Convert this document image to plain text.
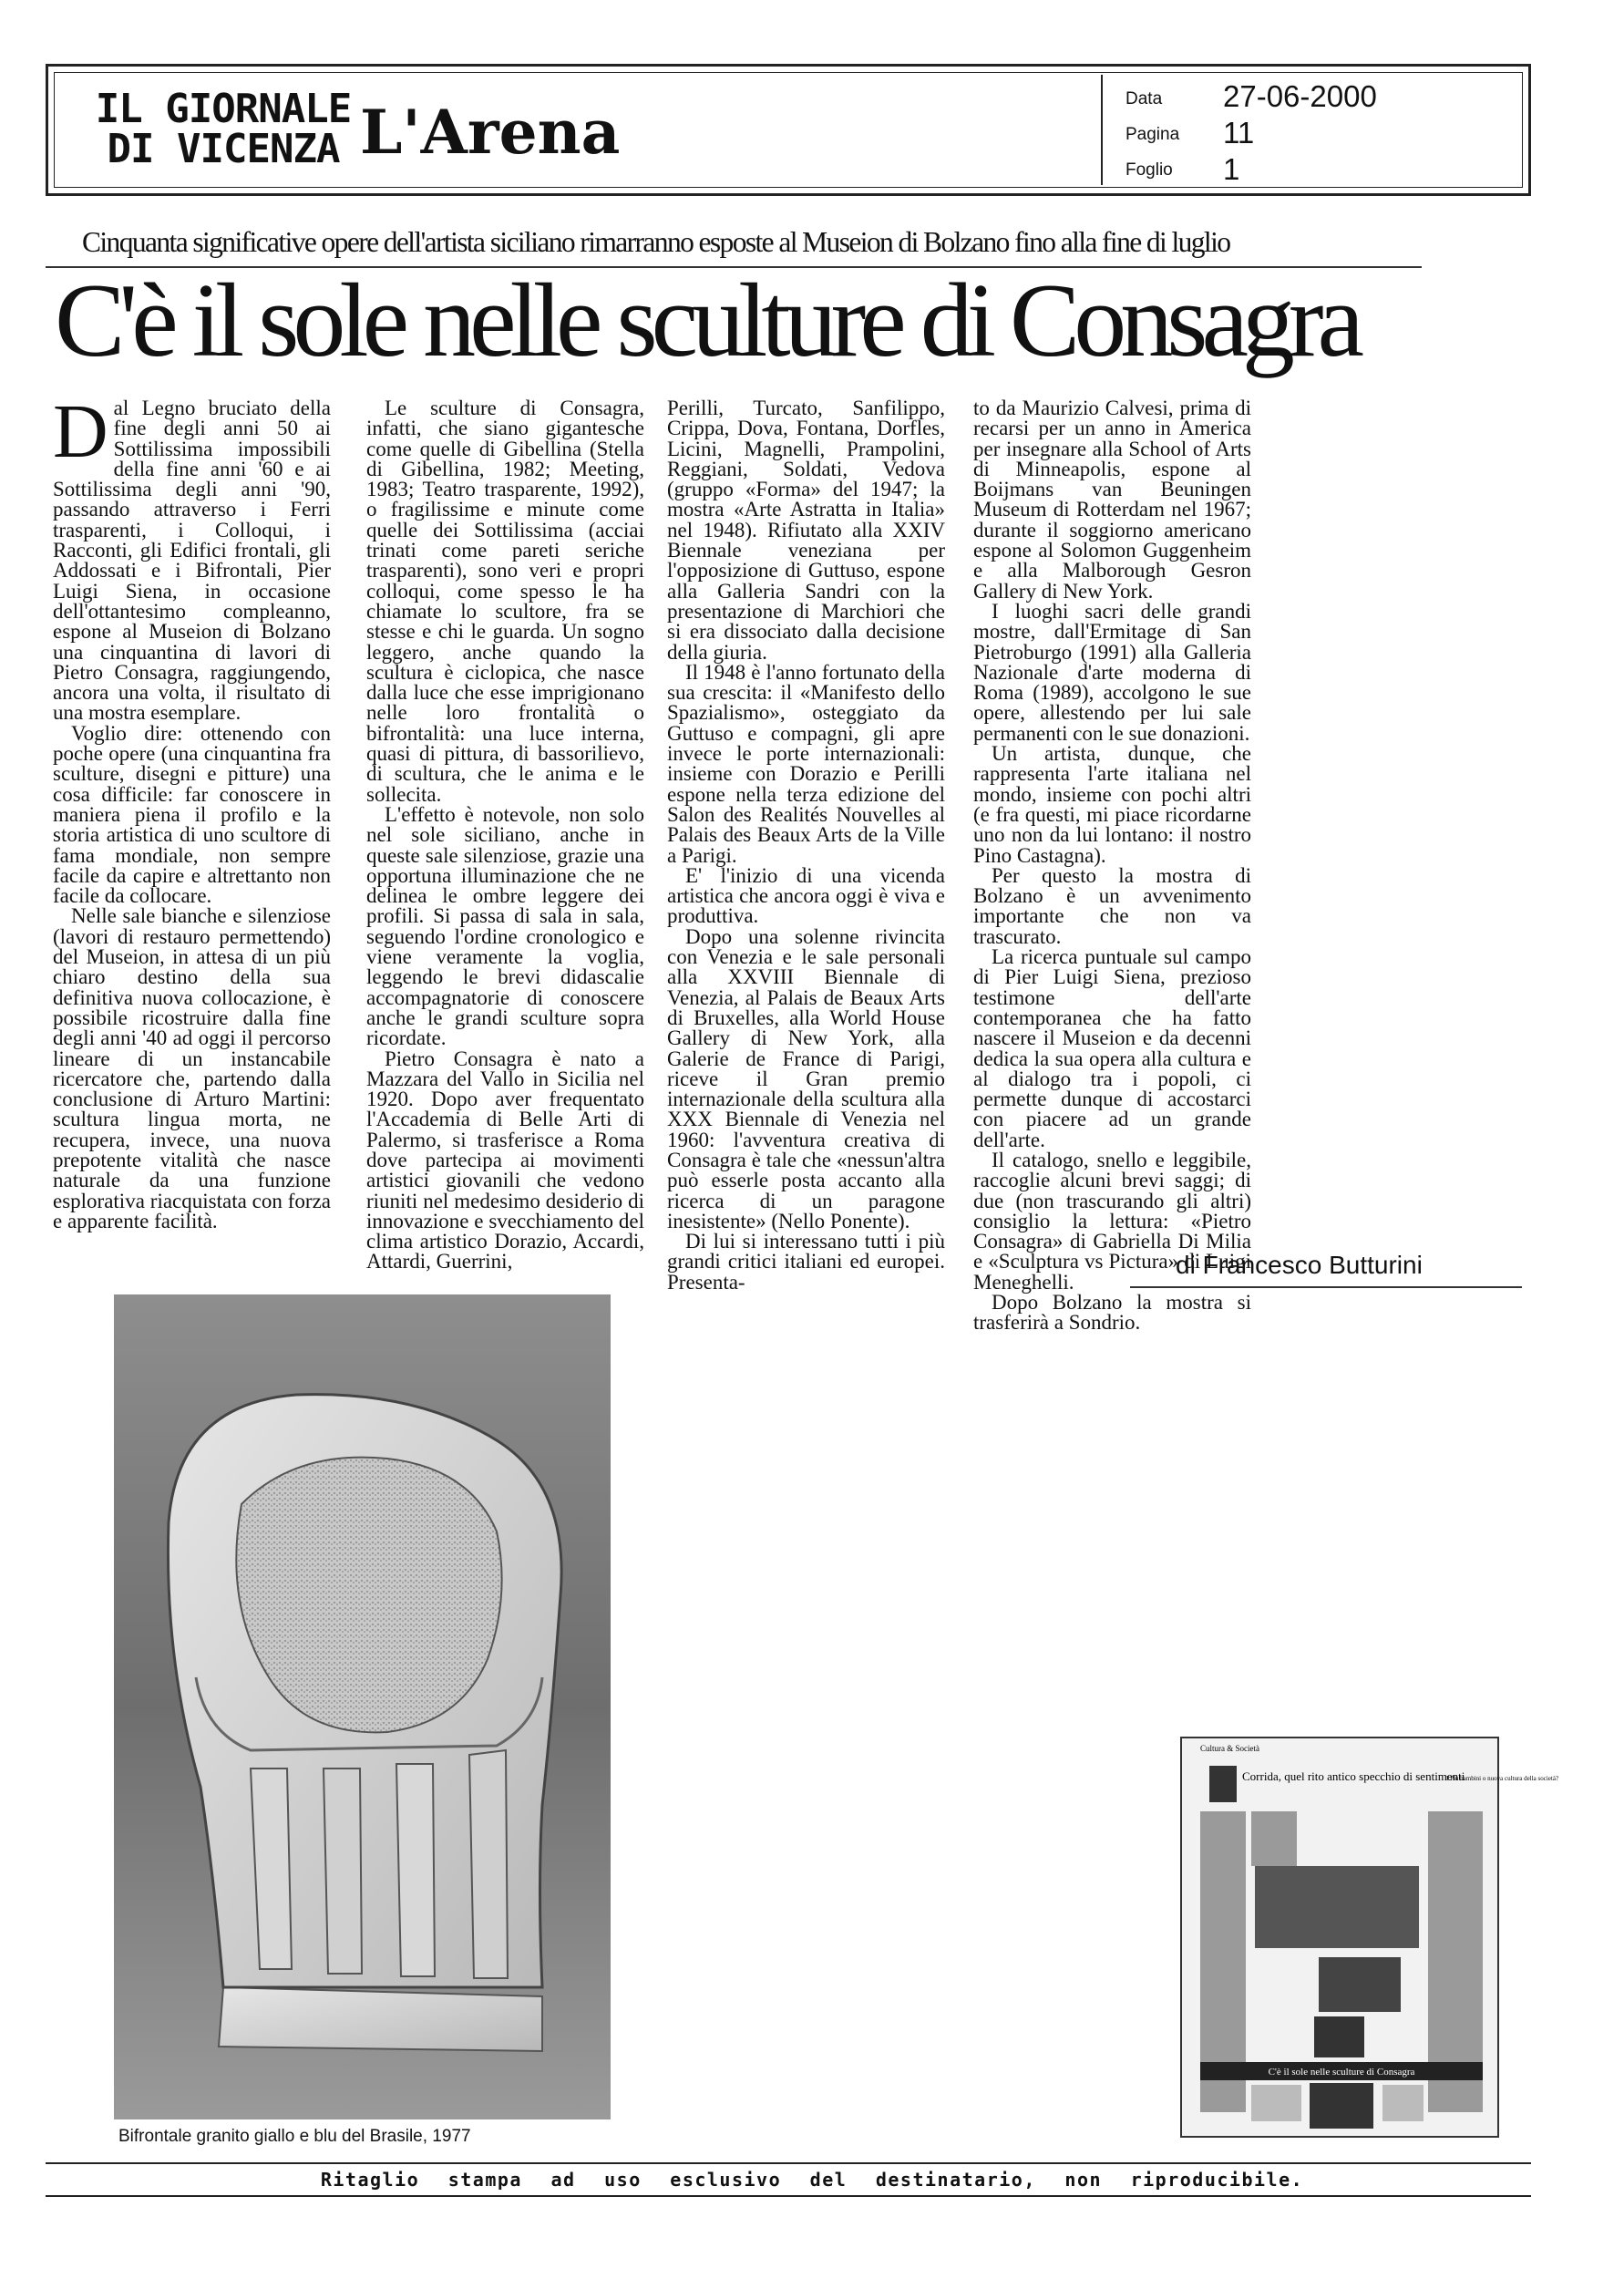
IL GIORNALE
DI VICENZA L'Arena	Data 27-06-2000
Pagina 11
Foglio 1
Cinquanta significative opere dell'artista siciliano rimarranno esposte al Museion di Bolzano fino alla fine di luglio
C'è il sole nelle sculture di Consagra

Dal Legno bruciato della fine degli anni 50 ai Sottilissima impossibili della fine anni '60 e ai Sottilissima degli anni '90, passando attraverso i Ferri trasparenti, i Colloqui, i Racconti, gli Edifici frontali, gli Addossati e i Bifrontali, Pier Luigi Siena, in occasione dell'ottantesimo compleanno, espone al Museion di Bolzano una cinquantina di lavori di Pietro Consagra, raggiungendo, ancora una volta, il risultato di una mostra esemplare.

Voglio dire: ottenendo con poche opere (una cinquantina fra sculture, disegni e pitture) una cosa difficile: far conoscere in maniera piena il profilo e la storia artistica di uno scultore di fama mondiale, non sempre facile da capire e altrettanto non facile da collocare.

Nelle sale bianche e silenziose (lavori di restauro permettendo) del Museion, in attesa di un più chiaro destino della sua definitiva nuova collocazione, è possibile ricostruire dalla fine degli anni '40 ad oggi il percorso lineare di un instancabile ricercatore che, partendo dalla conclusione di Arturo Martini: scultura lingua morta, ne recupera, invece, una nuova prepotente vitalità che nasce naturale da una funzione esplorativa riacquistata con forza e apparente facilità.

Le sculture di Consagra, infatti, che siano gigantesche come quelle di Gibellina (Stella di Gibellina, 1982; Meeting, 1983; Teatro trasparente, 1992), o fragilissime e minute come quelle dei Sottilissima (acciai trinati come pareti seriche trasparenti), sono veri e propri colloqui, come spesso le ha chiamate lo scultore, fra se stesse e chi le guarda. Un sogno leggero, anche quando la scultura è ciclopica, che nasce dalla luce che esse imprigionano nelle loro frontalità o bifrontalità: una luce interna, quasi di pittura, di bassorilievo, di scultura, che le anima e le sollecita.

L'effetto è notevole, non solo nel sole siciliano, anche in queste sale silenziose, grazie una opportuna illuminazione che ne delinea le ombre leggere dei profili. Si passa di sala in sala, seguendo l'ordine cronologico e viene veramente la voglia, leggendo le brevi didascalie accompagnatorie di conoscere anche le grandi sculture sopra ricordate.

Pietro Consagra è nato a Mazzara del Vallo in Sicilia nel 1920. Dopo aver frequentato l'Accademia di Belle Arti di Palermo, si trasferisce a Roma dove partecipa ai movimenti artistici giovanili che vedono riuniti nel medesimo desiderio di innovazione e svecchiamento del clima artistico Dorazio, Accardi, Attardi, Guerrini,

Perilli, Turcato, Sanfilippo, Crippa, Dova, Fontana, Dorfles, Licini, Magnelli, Prampolini, Reggiani, Soldati, Vedova (gruppo «Forma» del 1947; la mostra «Arte Astratta in Italia» nel 1948). Rifiutato alla XXIV Biennale veneziana per l'opposizione di Guttuso, espone alla Galleria Sandri con la presentazione di Marchiori che si era dissociato dalla decisione della giuria.

Il 1948 è l'anno fortunato della sua crescita: il «Manifesto dello Spazialismo», osteggiato da Guttuso e compagni, gli apre invece le porte internazionali: insieme con Dorazio e Perilli espone nella terza edizione del Salon des Realités Nouvelles al Palais des Beaux Arts de la Ville a Parigi.

E' l'inizio di una vicenda artistica che ancora oggi è viva e produttiva.

Dopo una solenne rivincita con Venezia e le sale personali alla XXVIII Biennale di Venezia, al Palais de Beaux Arts di Bruxelles, alla World House Gallery di New York, alla Galerie de France di Parigi, riceve il Gran premio internazionale della scultura alla XXX Biennale di Venezia nel 1960: l'avventura creativa di Consagra è tale che «nessun'altra può esserle posta accanto alla ricerca di un paragone inesistente» (Nello Ponente).

Di lui si interessano tutti i più grandi critici italiani ed europei. Presenta-

to da Maurizio Calvesi, prima di recarsi per un anno in America per insegnare alla School of Arts di Minneapolis, espone al Boijmans van Beuningen Museum di Rotterdam nel 1967; durante il soggiorno americano espone al Solomon Guggenheim e alla Malborough Gesron Gallery di New York.

I luoghi sacri delle grandi mostre, dall'Ermitage di San Pietroburgo (1991) alla Galleria Nazionale d'arte moderna di Roma (1989), accolgono le sue opere, allestendo per lui sale permanenti con le sue donazioni.

Un artista, dunque, che rappresenta l'arte italiana nel mondo, insieme con pochi altri (e fra questi, mi piace ricordarne uno non da lui lontano: il nostro Pino Castagna).

Per questo la mostra di Bolzano è un avvenimento importante che non va trascurato.

La ricerca puntuale sul campo di Pier Luigi Siena, prezioso testimone dell'arte contemporanea che ha fatto nascere il Museion e da decenni dedica la sua opera alla cultura e al dialogo tra i popoli, ci permette dunque di accostarci con piacere ad un grande dell'arte.

Il catalogo, snello e leggibile, raccoglie alcuni brevi saggi; di due (non trascurando gli altri) consiglio la lettura: «Pietro Consagra» di Gabriella Di Milia e «Sculptura vs Pictura» di Luigi Meneghelli.

Dopo Bolzano la mostra si trasferirà a Sondrio.

di Francesco Butturini
Bifrontale granito giallo e blu del Brasile, 1977
Cultura & Società
Corrida, quel rito antico specchio di sentimenti
I Più bambini o nuova cultura della società?
C'è il sole nelle sculture di Consagra
Ritaglio stampa ad uso esclusivo del destinatario, non riproducibile.
